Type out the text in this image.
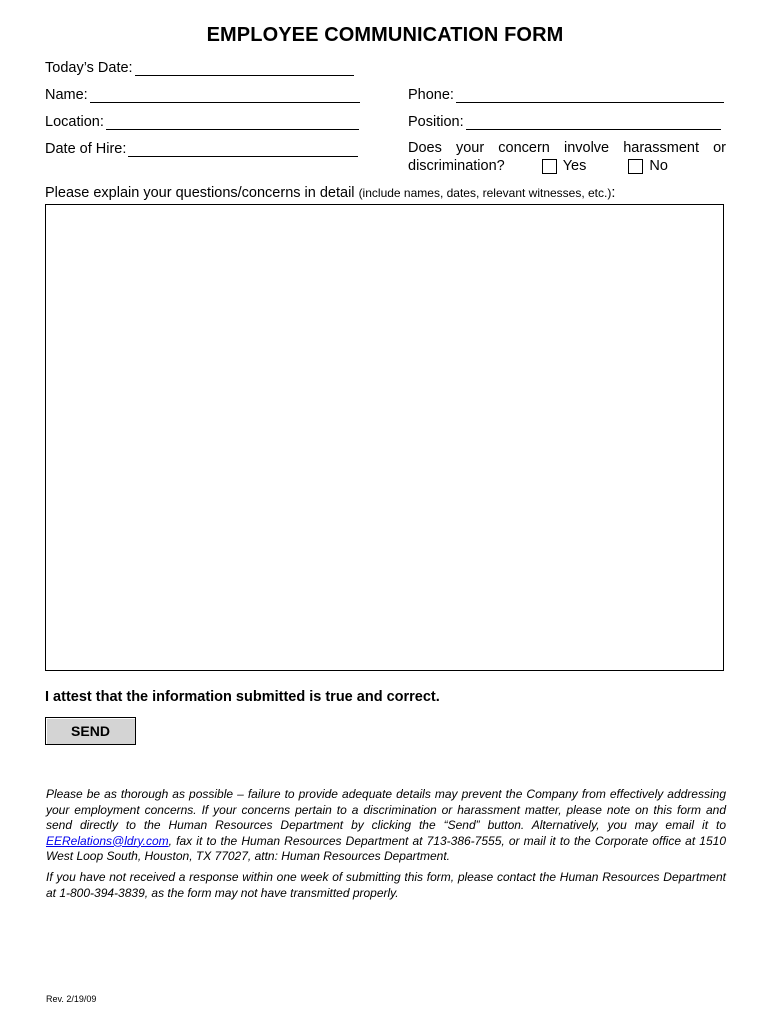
EMPLOYEE COMMUNICATION FORM
Today’s Date:
Name:
Location:
Date of Hire:
Phone:
Position:
Does your concern involve harassment or
discrimination?	Yes	No
Please explain your questions/concerns in detail (include names, dates, relevant witnesses, etc.):
I attest that the information submitted is true and correct.
SEND
Please be as thorough as possible – failure to provide adequate details may prevent the Company from effectively addressing your employment concerns. If your concerns pertain to a discrimination or harassment matter, please note on this form and send directly to the Human Resources Department by clicking the “Send” button. Alternatively, you may email it to EERelations@ldry.com, fax it to the Human Resources Department at 713-386-7555, or mail it to the Corporate office at 1510 West Loop South, Houston, TX 77027, attn: Human Resources Department.
If you have not received a response within one week of submitting this form, please contact the Human Resources Department at 1-800-394-3839, as the form may not have transmitted properly.
Rev. 2/19/09
